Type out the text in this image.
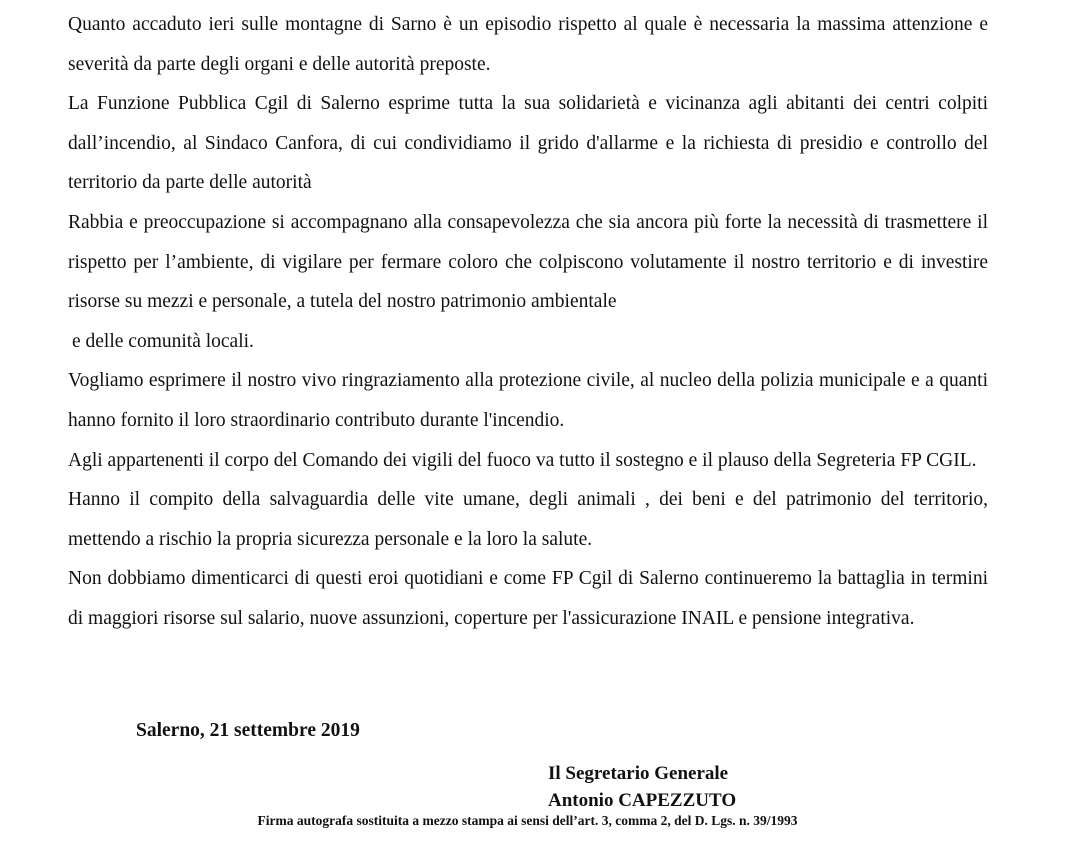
Quanto accaduto ieri sulle montagne di Sarno è un episodio rispetto al quale è necessaria la massima attenzione e severità da parte degli organi e delle autorità preposte.

La Funzione Pubblica Cgil di Salerno esprime tutta la sua solidarietà e vicinanza agli abitanti dei centri colpiti dall’incendio, al Sindaco Canfora, di cui condividiamo il grido d'allarme e la richiesta di presidio e controllo del territorio da parte delle autorità

Rabbia e preoccupazione si accompagnano alla consapevolezza che sia ancora più forte la necessità di trasmettere il rispetto per l’ambiente, di vigilare per fermare coloro che colpiscono volutamente il nostro territorio e di investire risorse su mezzi e personale, a tutela del nostro patrimonio ambientale

e delle comunità locali.

Vogliamo esprimere il nostro vivo ringraziamento alla protezione civile, al nucleo della polizia municipale e a quanti hanno fornito il loro straordinario contributo durante l'incendio.

Agli appartenenti il corpo del Comando dei vigili del fuoco va tutto il sostegno e il plauso della Segreteria FP CGIL.

Hanno il compito della salvaguardia delle vite umane, degli animali , dei beni e del patrimonio del territorio, mettendo a rischio la propria sicurezza personale e la loro la salute.

Non dobbiamo dimenticarci di questi eroi quotidiani e come FP Cgil di Salerno continueremo la battaglia in termini di maggiori risorse sul salario, nuove assunzioni, coperture per l'assicurazione INAIL e pensione integrativa.

Salerno, 21 settembre 2019
Il Segretario Generale
Antonio CAPEZZUTO
Firma autografa sostituita a mezzo stampa ai sensi dell’art. 3, comma 2, del D. Lgs. n. 39/1993
